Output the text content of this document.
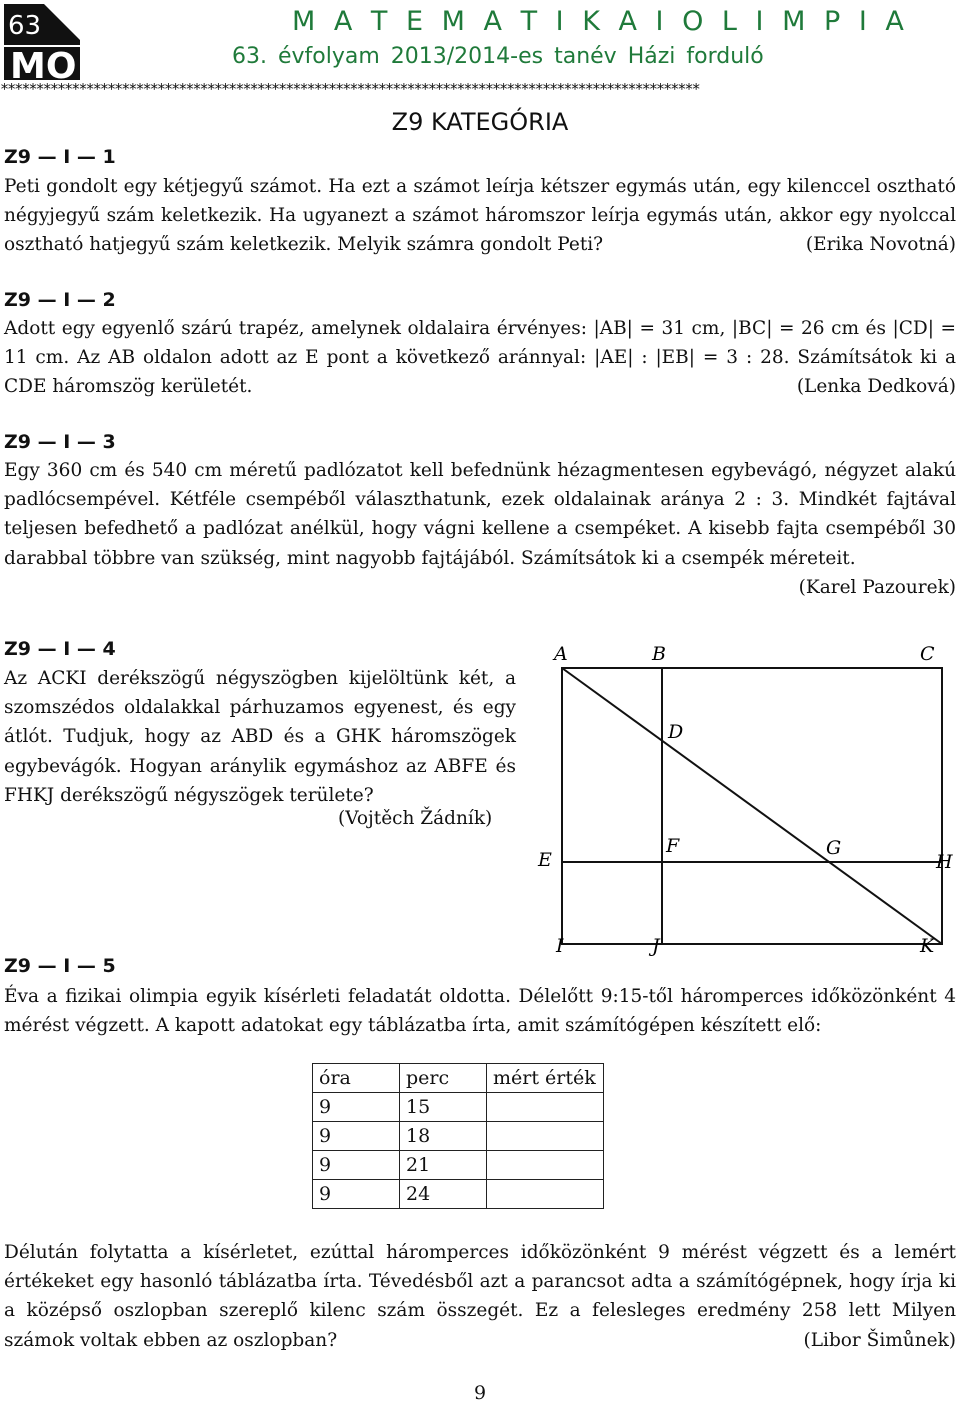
63
MO
M A T E M A T I K A I O L I M P I A
63. évfolyam 2013/2014-es tanév Házi forduló
**************************************************************************************************
Z9 KATEGÓRIA
Z9 — I — 1
Peti gondolt egy kétjegyű számot. Ha ezt a számot leírja kétszer egymás után, egy kilenccel osztható négyjegyű szám keletkezik. Ha ugyanezt a számot háromszor leírja egymás után, akkor egy nyolccal osztható hatjegyű szám keletkezik. Melyik számra gondolt Peti?	(Erika Novotná)
Z9 — I — 2
Adott egy egyenlő szárú trapéz, amelynek oldalaira érvényes: |AB| = 31 cm, |BC| = 26 cm és |CD| = 11 cm. Az AB oldalon adott az E pont a következő aránnyal: |AE| : |EB| = 3 : 28. Számítsátok ki a CDE háromszög kerületét.	(Lenka Dedková)
Z9 — I — 3
Egy 360 cm és 540 cm méretű padlózatot kell befednünk hézagmentesen egybevágó, négyzet alakú padlócsempével. Kétféle csempéből választhatunk, ezek oldalainak aránya 2 : 3. Mindkét fajtával teljesen befedhető a padlózat anélkül, hogy vágni kellene a csempéket. A kisebb fajta csempéből 30 darabbal többre van szükség, mint nagyobb fajtájából. Számítsátok ki a csempék méreteit.
(Karel Pazourek)
Z9 — I — 4
Az ACKI derékszögű négyszögben kijelöltünk két, a szomszédos oldalakkal párhuzamos egyenest, és egy átlót. Tudjuk, hogy az ABD és a GHK háromszögek egybevágók. Hogyan aránylik egymáshoz az ABFE és FHKJ derékszögű négyszögek területe?
(Vojtěch Žádník)
A	B	C
D
E
F	G
H
I	J	K
Z9 — I — 5
Éva a fizikai olimpia egyik kísérleti feladatát oldotta. Délelőtt 9:15-től háromperces időközönként 4 mérést végzett. A kapott adatokat egy táblázatba írta, amit számítógépen készített elő:
óra	perc	mért érték
9	15	
9	18	
9	21	
9	24	
Délután folytatta a kísérletet, ezúttal háromperces időközönként 9 mérést végzett és a lemért értékeket egy hasonló táblázatba írta. Tévedésből azt a parancsot adta a számítógépnek, hogy írja ki a középső oszlopban szereplő kilenc szám összegét. Ez a felesleges eredmény 258 lett Milyen számok voltak ebben az oszlopban?	(Libor Šimůnek)
9
